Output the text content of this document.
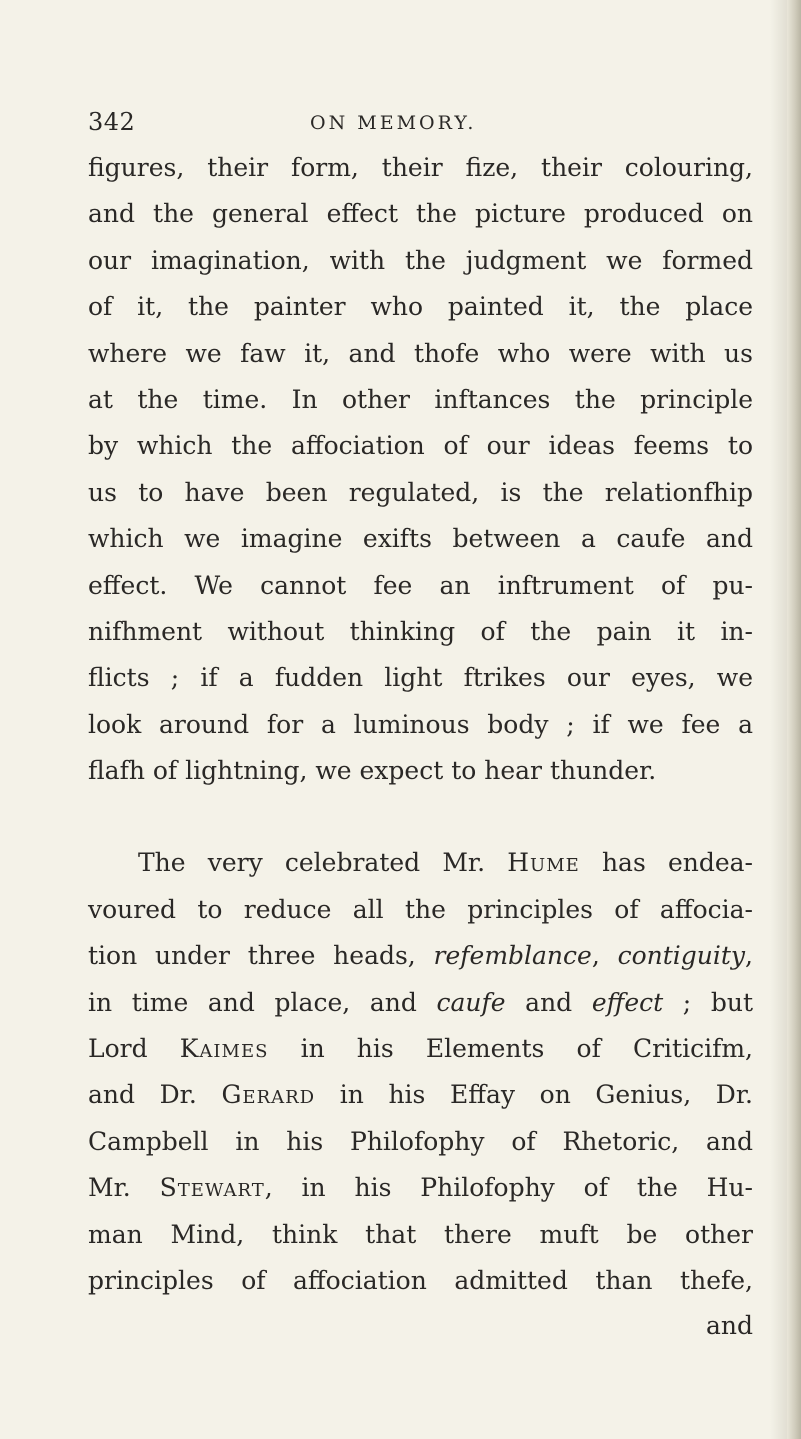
342	ON MEMORY.
figures, their form, their fize, their colouring,
and the general effect the picture produced on
our imagination, with the judgment we formed
of it, the painter who painted it, the place
where we faw it, and thofe who were with us
at the time. In other inftances the principle
by which the affociation of our ideas feems to
us to have been regulated, is the relationfhip
which we imagine exifts between a caufe and
effect. We cannot fee an inftrument of pu-
nifhment without thinking of the pain it in-
flicts ; if a fudden light ftrikes our eyes, we
look around for a luminous body ; if we fee a
flafh of lightning, we expect to hear thunder.
The very celebrated Mr. Hume has endea-
voured to reduce all the principles of affocia-
tion under three heads, refemblance, contiguity,
in time and place, and caufe and effect ; but
Lord Kaimes in his Elements of Criticifm,
and Dr. Gerard in his Effay on Genius, Dr.
Campbell in his Philofophy of Rhetoric, and
Mr. Stewart, in his Philofophy of the Hu-
man Mind, think that there muft be other
principles of affociation admitted than thefe,
and
